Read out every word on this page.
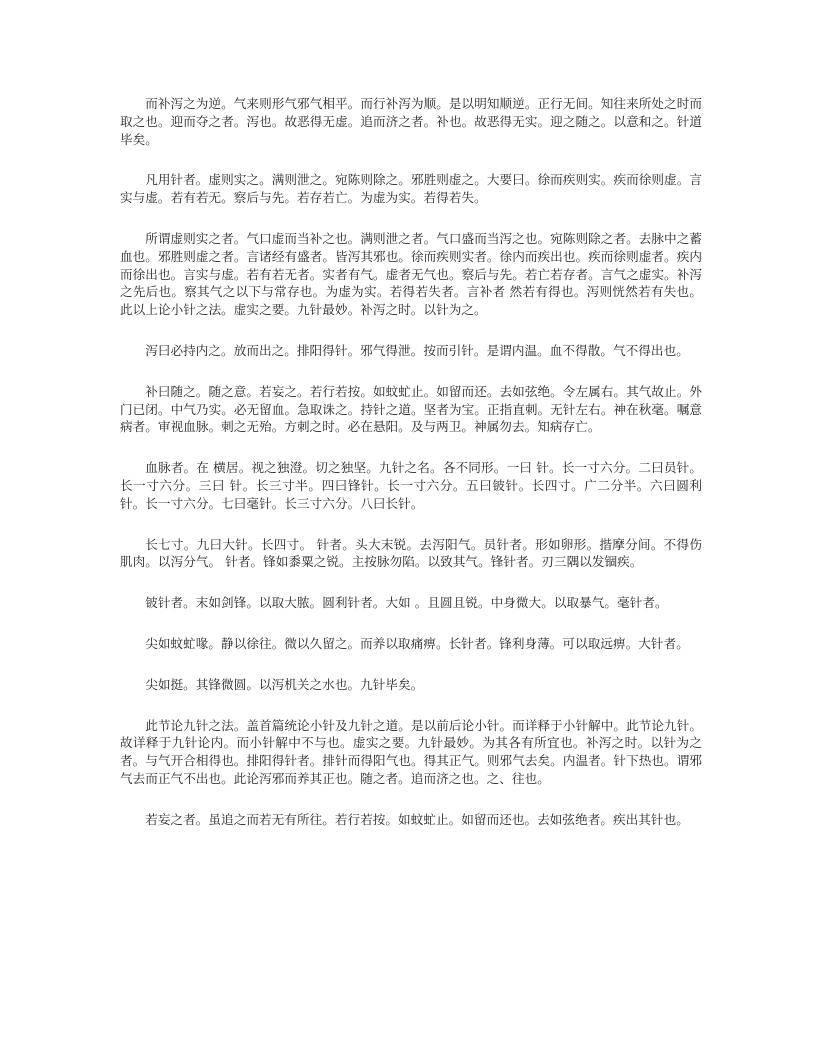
而补泻之为逆。气来则形气邪气相平。而行补泻为顺。是以明知顺逆。正行无间。知往来所处之时而取之也。迎而夺之者。泻也。故恶得无虚。追而济之者。补也。故恶得无实。迎之随之。以意和之。针道毕矣。

凡用针者。虚则实之。满则泄之。宛陈则除之。邪胜则虚之。大要曰。徐而疾则实。疾而徐则虚。言实与虚。若有若无。察后与先。若存若亡。为虚为实。若得若失。

所谓虚则实之者。气口虚而当补之也。满则泄之者。气口盛而当泻之也。宛陈则除之者。去脉中之蓄血也。邪胜则虚之者。言诸经有盛者。皆泻其邪也。徐而疾则实者。徐内而疾出也。疾而徐则虚者。疾内而徐出也。言实与虚。若有若无者。实者有气。虚者无气也。察后与先。若亡若存者。言气之虚实。补泻之先后也。察其气之以下与常存也。为虚为实。若得若失者。言补者 然若有得也。泻则恍然若有失也。此以上论小针之法。虚实之要。九针最妙。补泻之时。以针为之。

泻曰必持内之。放而出之。排阳得针。邪气得泄。按而引针。是谓内温。血不得散。气不得出也。

补曰随之。随之意。若妄之。若行若按。如蚊虻止。如留而还。去如弦绝。令左属右。其气故止。外门已闭。中气乃实。必无留血。急取诛之。持针之道。坚者为宝。正指直刺。无针左右。神在秋毫。嘱意病者。审视血脉。刺之无殆。方刺之时。必在悬阳。及与两卫。神属勿去。知病存亡。

血脉者。在 横居。视之独澄。切之独坚。九针之名。各不同形。一曰 针。长一寸六分。二曰员针。长一寸六分。三曰 针。长三寸半。四曰锋针。长一寸六分。五曰铍针。长四寸。广二分半。六曰圆利针。长一寸六分。七曰毫针。长三寸六分。八曰长针。

长七寸。九曰大针。长四寸。 针者。头大末锐。去泻阳气。员针者。形如卵形。揩摩分间。不得伤肌肉。以泻分气。 针者。锋如黍粟之锐。主按脉勿陷。以致其气。锋针者。刃三隅以发锢疾。

铍针者。末如剑锋。以取大脓。圆利针者。大如 。且圆且锐。中身微大。以取暴气。毫针者。

尖如蚊虻喙。静以徐往。微以久留之。而养以取痛痹。长针者。锋利身薄。可以取远痹。大针者。

尖如挺。其锋微圆。以泻机关之水也。九针毕矣。

此节论九针之法。盖首篇统论小针及九针之道。是以前后论小针。而详释于小针解中。此节论九针。故详释于九针论内。而小针解中不与也。虚实之要。九针最妙。为其各有所宜也。补泻之时。以针为之者。与气开合相得也。排阳得针者。排针而得阳气也。得其正气。则邪气去矣。内温者。针下热也。谓邪气去而正气不出也。此论泻邪而养其正也。随之者。追而济之也。之、往也。

若妄之者。虽追之而若无有所往。若行若按。如蚊虻止。如留而还也。去如弦绝者。疾出其针也。
